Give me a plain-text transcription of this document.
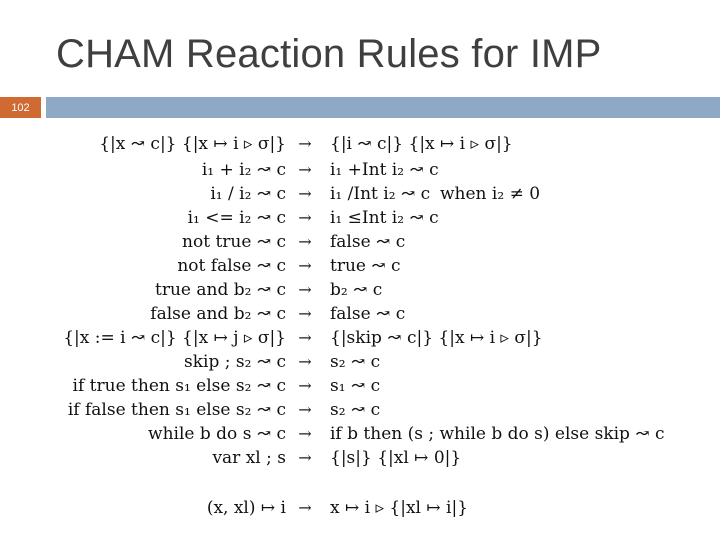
CHAM Reaction Rules for IMP
102
{|x ↝ c|} {|x ↦ i ▹ σ|} → {|i ↝ c|} {|x ↦ i ▹ σ|}
i₁ + i₂ ↝ c → i₁ +Int i₂ ↝ c
i₁ / i₂ ↝ c → i₁ /Int i₂ ↝ c when i₂ ≠ 0
i₁ <= i₂ ↝ c → i₁ ≤Int i₂ ↝ c
not true ↝ c → false ↝ c
not false ↝ c → true ↝ c
true and b₂ ↝ c → b₂ ↝ c
false and b₂ ↝ c → false ↝ c
{|x := i ↝ c|} {|x ↦ j ▹ σ|} → {|skip ↝ c|} {|x ↦ i ▹ σ|}
skip ; s₂ ↝ c → s₂ ↝ c
if true then s₁ else s₂ ↝ c → s₁ ↝ c
if false then s₁ else s₂ ↝ c → s₂ ↝ c
while b do s ↝ c → if b then (s ; while b do s) else skip ↝ c
var xl ; s → {|s|} {|xl ↦ 0|}
(x, xl) ↦ i → x ↦ i ▹ {|xl ↦ i|}
